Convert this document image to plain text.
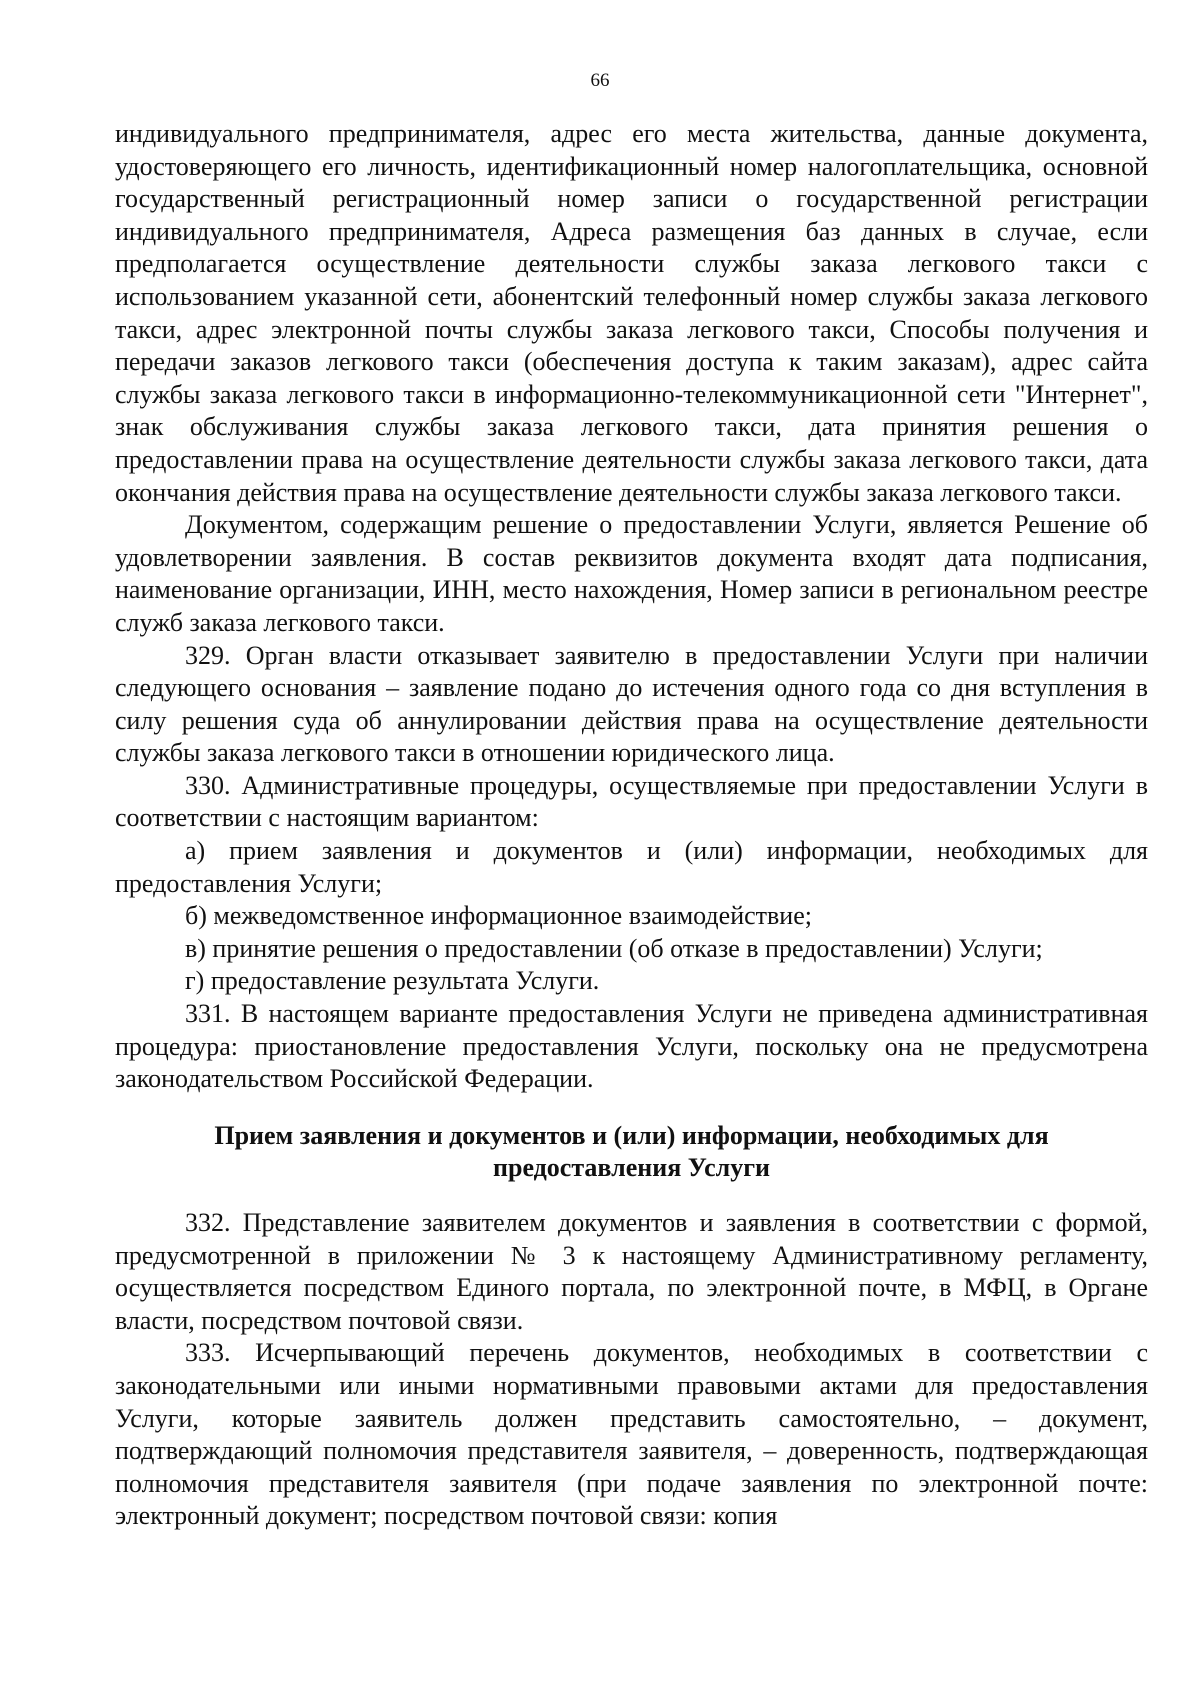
66

индивидуального предпринимателя, адрес его места жительства, данные документа, удостоверяющего его личность, идентификационный номер налогоплательщика, основной государственный регистрационный номер записи о государственной регистрации индивидуального предпринимателя, Адреса размещения баз данных в случае, если предполагается осуществление деятельности службы заказа легкового такси с использованием указанной сети, абонентский телефонный номер службы заказа легкового такси, адрес электронной почты службы заказа легкового такси, Способы получения и передачи заказов легкового такси (обеспечения доступа к таким заказам), адрес сайта службы заказа легкового такси в информационно-телекоммуникационной сети "Интернет", знак обслуживания службы заказа легкового такси, дата принятия решения о предоставлении права на осуществление деятельности службы заказа легкового такси, дата окончания действия права на осуществление деятельности службы заказа легкового такси.

Документом, содержащим решение о предоставлении Услуги, является Решение об удовлетворении заявления. В состав реквизитов документа входят дата подписания, наименование организации, ИНН, место нахождения, Номер записи в региональном реестре служб заказа легкового такси.

329. Орган власти отказывает заявителю в предоставлении Услуги при наличии следующего основания – заявление подано до истечения одного года со дня вступления в силу решения суда об аннулировании действия права на осуществление деятельности службы заказа легкового такси в отношении юридического лица.

330. Административные процедуры, осуществляемые при предоставлении Услуги в соответствии с настоящим вариантом:

а) прием заявления и документов и (или) информации, необходимых для предоставления Услуги;

б) межведомственное информационное взаимодействие;

в) принятие решения о предоставлении (об отказе в предоставлении) Услуги;

г) предоставление результата Услуги.

331. В настоящем варианте предоставления Услуги не приведена административная процедура: приостановление предоставления Услуги, поскольку она не предусмотрена законодательством Российской Федерации.

Прием заявления и документов и (или) информации, необходимых для предоставления Услуги

332. Представление заявителем документов и заявления в соответствии с формой, предусмотренной в приложении № 3 к настоящему Административному регламенту, осуществляется посредством Единого портала, по электронной почте, в МФЦ, в Органе власти, посредством почтовой связи.

333. Исчерпывающий перечень документов, необходимых в соответствии с законодательными или иными нормативными правовыми актами для предоставления Услуги, которые заявитель должен представить самостоятельно, – документ, подтверждающий полномочия представителя заявителя, – доверенность, подтверждающая полномочия представителя заявителя (при подаче заявления по электронной почте: электронный документ; посредством почтовой связи: копия
